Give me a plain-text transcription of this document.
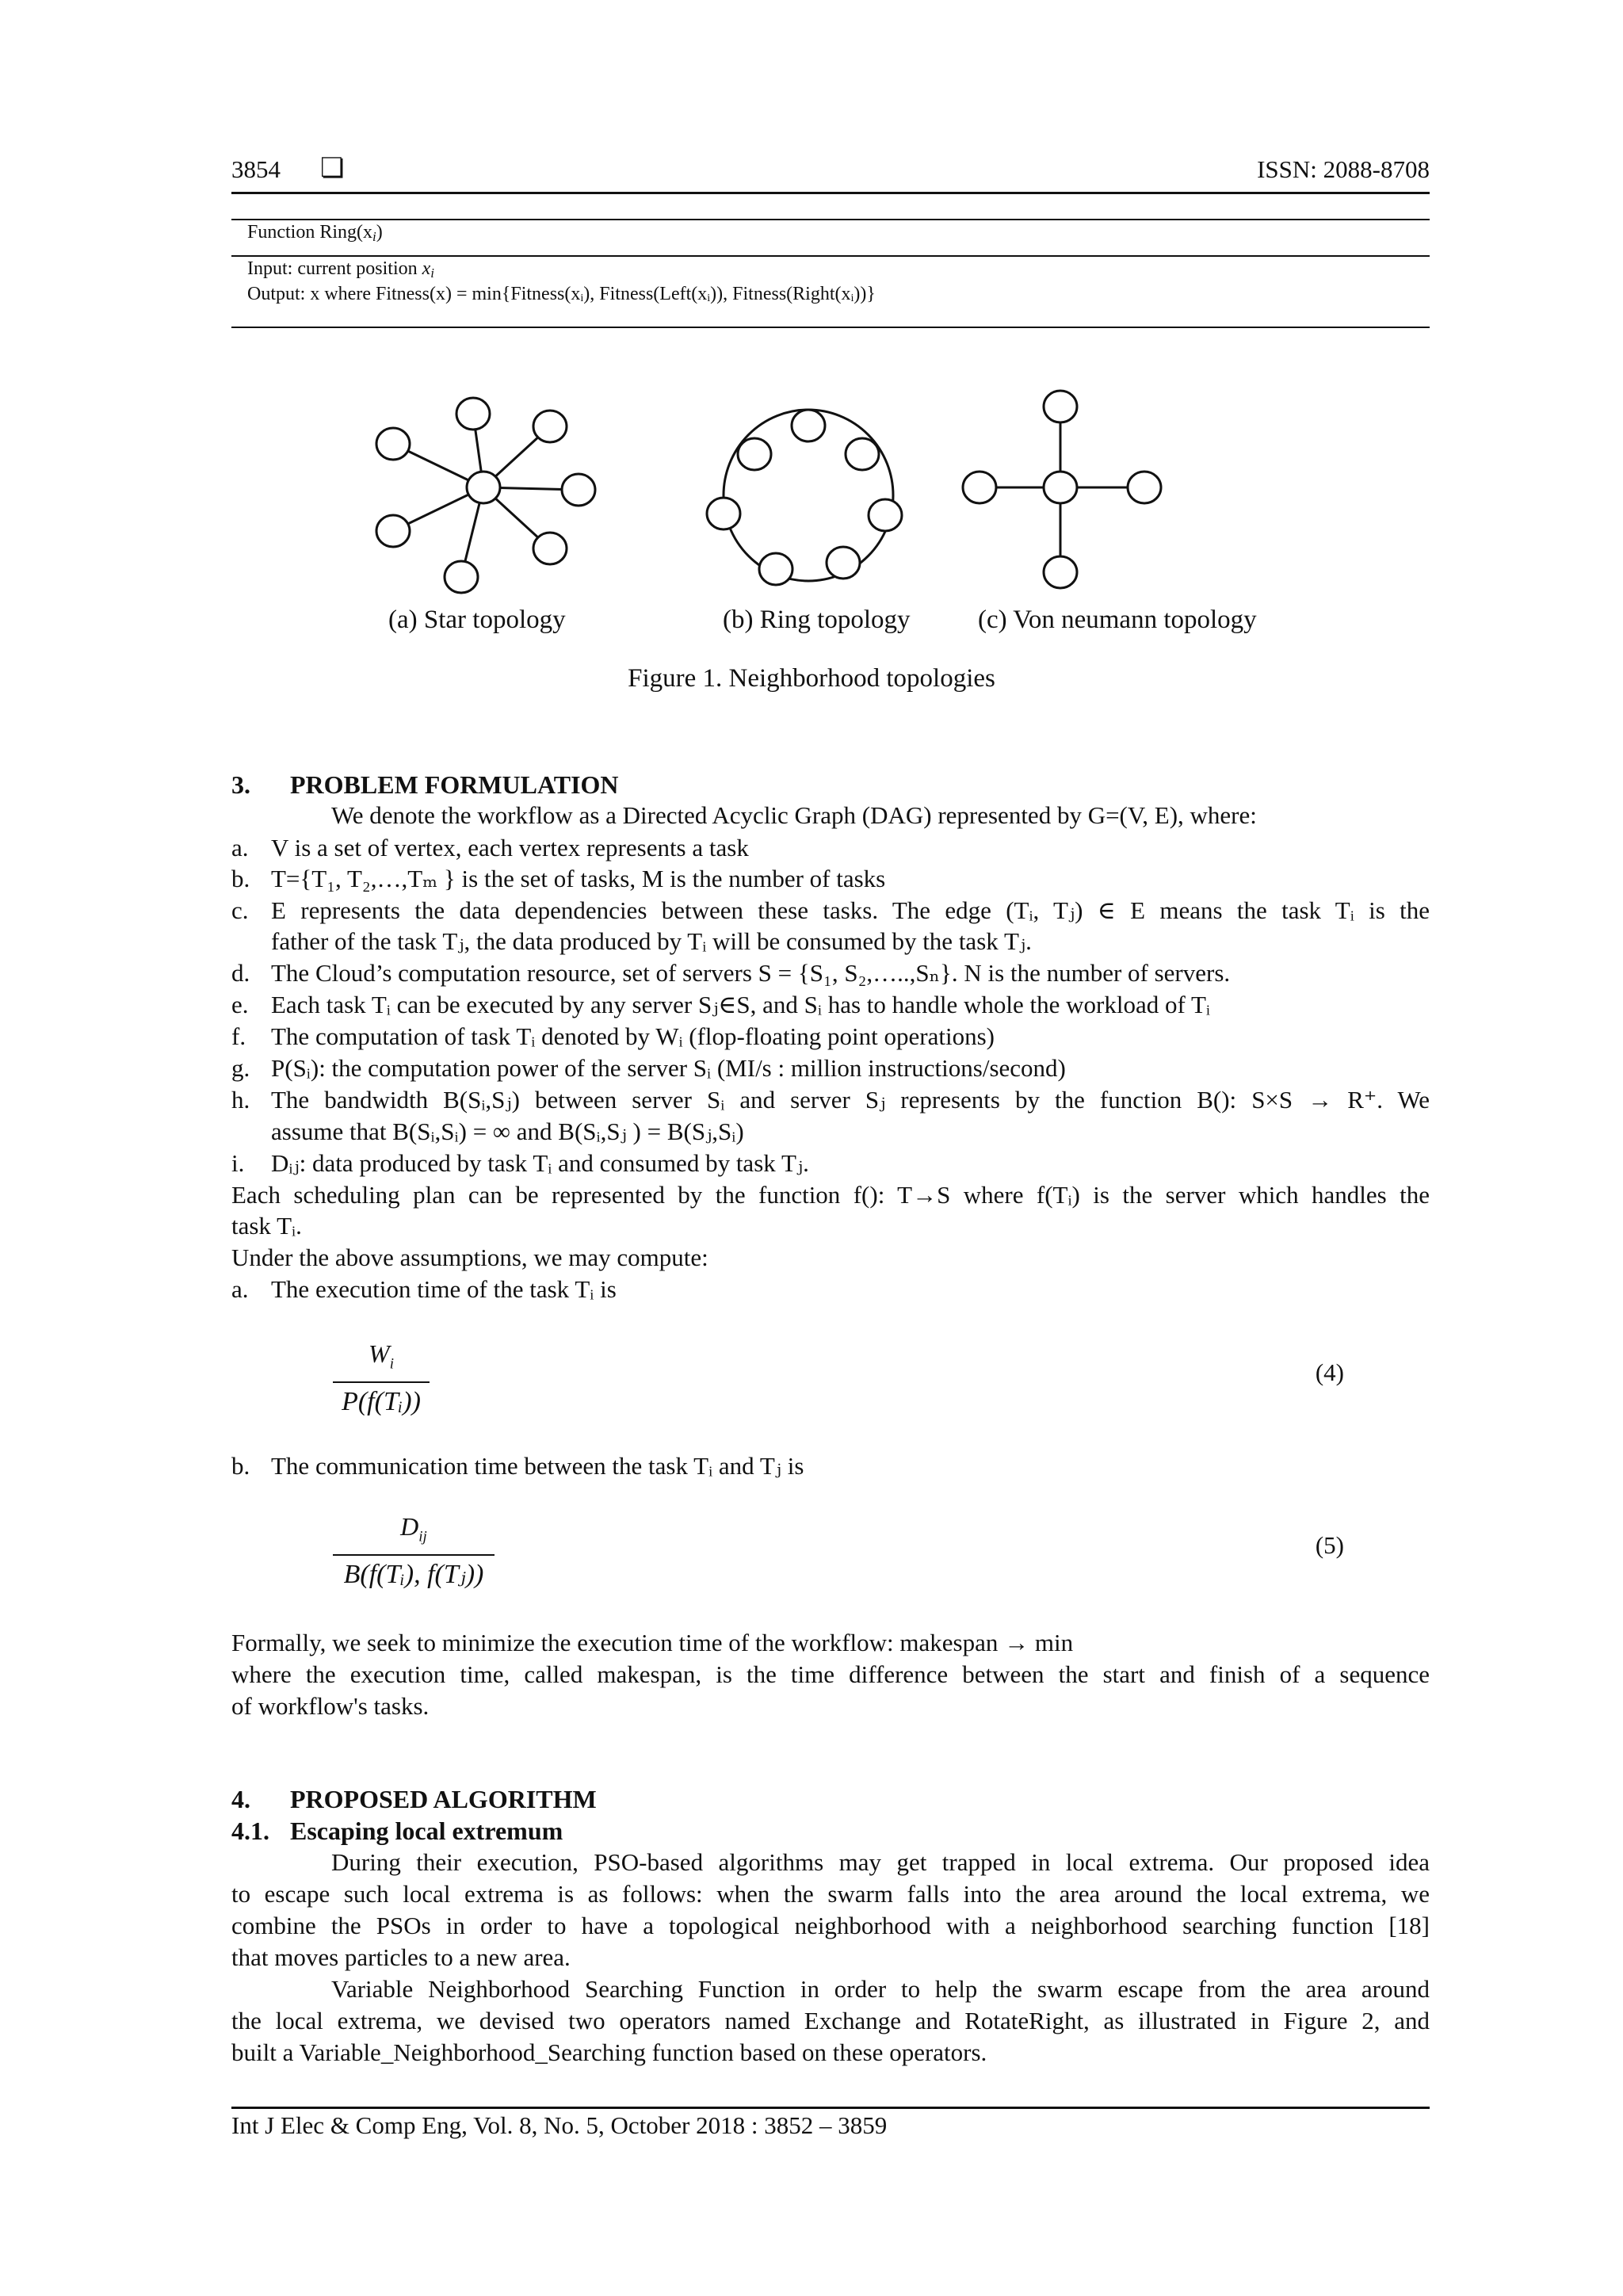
3854 ❏	ISSN: 2088-8708
Function Ring(xi)
Input: current position xi
Output: x where Fitness(x) = min{Fitness(xᵢ), Fitness(Left(xᵢ)), Fitness(Right(xᵢ))}
(a) Star topology	(b) Ring topology	(c) Von neumann topology
Figure 1. Neighborhood topologies
3. PROBLEM FORMULATION
We denote the workflow as a Directed Acyclic Graph (DAG) represented by G=(V, E), where:
a. V is a set of vertex, each vertex represents a task
b. T={T₁, T₂,…,Tₘ } is the set of tasks, M is the number of tasks
c. E represents the data dependencies between these tasks. The edge (Tᵢ, Tⱼ) ∈ E means the task Tᵢ is the
father of the task Tⱼ, the data produced by Tᵢ will be consumed by the task Tⱼ.
d. The Cloud’s computation resource, set of servers S = {S₁, S₂,…..,Sₙ}. N is the number of servers.
e. Each task Tᵢ can be executed by any server Sⱼ∈S, and Sᵢ has to handle whole the workload of Tᵢ
f. The computation of task Tᵢ denoted by Wᵢ (flop-floating point operations)
g. P(Sᵢ): the computation power of the server Sᵢ (MI/s : million instructions/second)
h. The bandwidth B(Sᵢ,Sⱼ) between server Sᵢ and server Sⱼ represents by the function B(): S×S → R⁺. We
assume that B(Sᵢ,Sᵢ) = ∞ and B(Sᵢ,Sⱼ ) = B(Sⱼ,Sᵢ)
i. Dᵢⱼ: data produced by task Tᵢ and consumed by task Tⱼ.
Each scheduling plan can be represented by the function f(): T→S where f(Tᵢ) is the server which handles the
task Tᵢ.
Under the above assumptions, we may compute:
a. The execution time of the task Tᵢ is
$W_i$
P(f(Tᵢ))
(4)
b. The communication time between the task Tᵢ and Tⱼ is
$D_{ij}$
B(f(Tᵢ), f(Tⱼ))
(5)
Formally, we seek to minimize the execution time of the workflow: makespan → min
where the execution time, called makespan, is the time difference between the start and finish of a sequence
of workflow's tasks.
4. PROPOSED ALGORITHM
4.1. Escaping local extremum
During their execution, PSO-based algorithms may get trapped in local extrema. Our proposed idea
to escape such local extrema is as follows: when the swarm falls into the area around the local extrema, we
combine the PSOs in order to have a topological neighborhood with a neighborhood searching function [18]
that moves particles to a new area.
Variable Neighborhood Searching Function in order to help the swarm escape from the area around
the local extrema, we devised two operators named Exchange and RotateRight, as illustrated in Figure 2, and
built a Variable_Neighborhood_Searching function based on these operators.
Int J Elec & Comp Eng, Vol. 8, No. 5, October 2018 : 3852 – 3859
